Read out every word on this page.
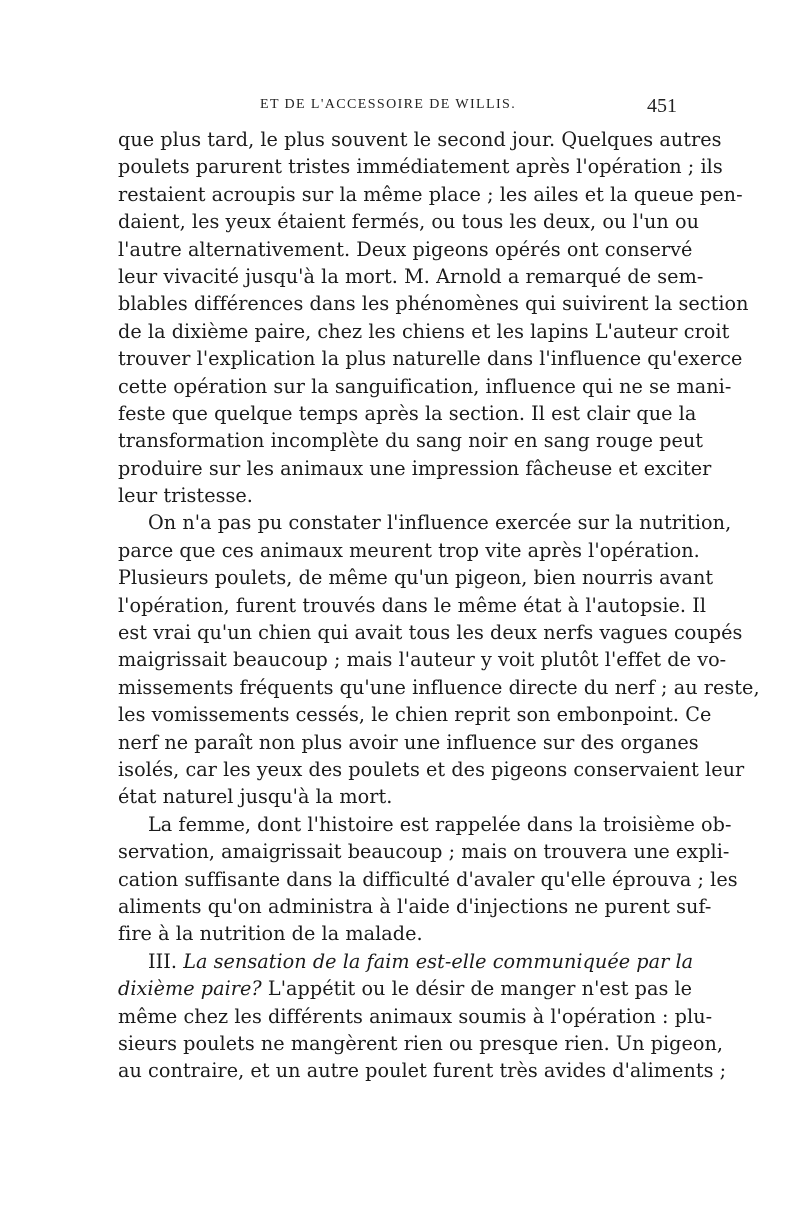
ET DE L'ACCESSOIRE DE WILLIS.	451
que plus tard, le plus souvent le second jour. Quelques autres
poulets parurent tristes immédiatement après l'opération ; ils
restaient acroupis sur la même place ; les ailes et la queue pen-
daient, les yeux étaient fermés, ou tous les deux, ou l'un ou
l'autre alternativement. Deux pigeons opérés ont conservé
leur vivacité jusqu'à la mort. M. Arnold a remarqué de sem-
blables différences dans les phénomènes qui suivirent la section
de la dixième paire, chez les chiens et les lapins L'auteur croit
trouver l'explication la plus naturelle dans l'influence qu'exerce
cette opération sur la sanguification, influence qui ne se mani-
feste que quelque temps après la section. Il est clair que la
transformation incomplète du sang noir en sang rouge peut
produire sur les animaux une impression fâcheuse et exciter
leur tristesse.
On n'a pas pu constater l'influence exercée sur la nutrition,
parce que ces animaux meurent trop vite après l'opération.
Plusieurs poulets, de même qu'un pigeon, bien nourris avant
l'opération, furent trouvés dans le même état à l'autopsie. Il
est vrai qu'un chien qui avait tous les deux nerfs vagues coupés
maigrissait beaucoup ; mais l'auteur y voit plutôt l'effet de vo-
missements fréquents qu'une influence directe du nerf ; au reste,
les vomissements cessés, le chien reprit son embonpoint. Ce
nerf ne paraît non plus avoir une influence sur des organes
isolés, car les yeux des poulets et des pigeons conservaient leur
état naturel jusqu'à la mort.
La femme, dont l'histoire est rappelée dans la troisième ob-
servation, amaigrissait beaucoup ; mais on trouvera une expli-
cation suffisante dans la difficulté d'avaler qu'elle éprouva ; les
aliments qu'on administra à l'aide d'injections ne purent suf-
fire à la nutrition de la malade.
III. La sensation de la faim est-elle communiquée par la
dixième paire? L'appétit ou le désir de manger n'est pas le
même chez les différents animaux soumis à l'opération : plu-
sieurs poulets ne mangèrent rien ou presque rien. Un pigeon,
au contraire, et un autre poulet furent très avides d'aliments ;
